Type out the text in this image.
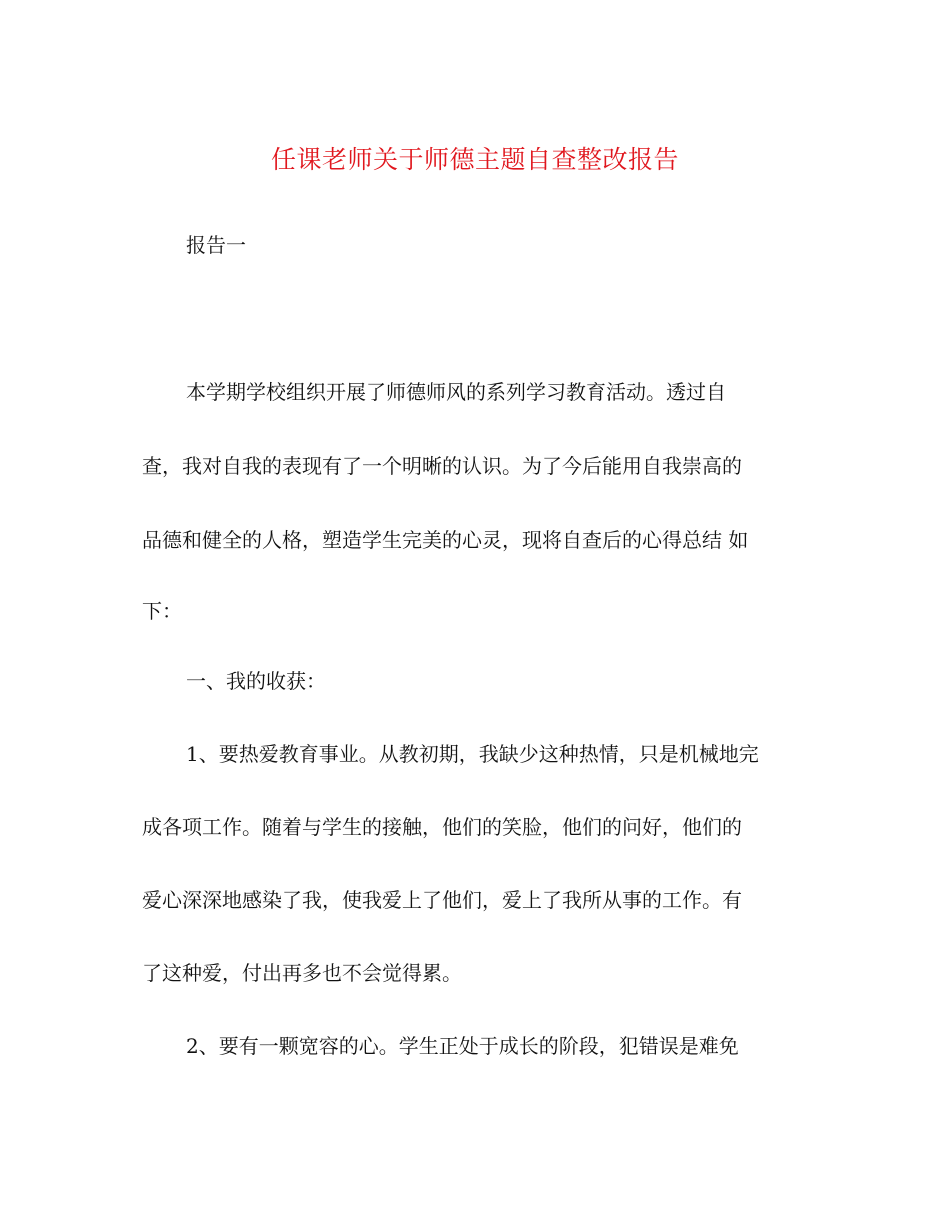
任课老师关于师德主题自查整改报告

报告一

本学期学校组织开展了师德师风的系列学习教育活动。透过自

查，我对自我的表现有了一个明晰的认识。为了今后能用自我崇高的

品德和健全的人格，塑造学生完美的心灵，现将自查后的心得总结 如

下：

一、我的收获：

1、要热爱教育事业。从教初期，我缺少这种热情，只是机械地完

成各项工作。随着与学生的接触，他们的笑脸，他们的问好，他们的

爱心深深地感染了我，使我爱上了他们，爱上了我所从事的工作。有

了这种爱，付出再多也不会觉得累。

2、要有一颗宽容的心。学生正处于成长的阶段，犯错误是难免
